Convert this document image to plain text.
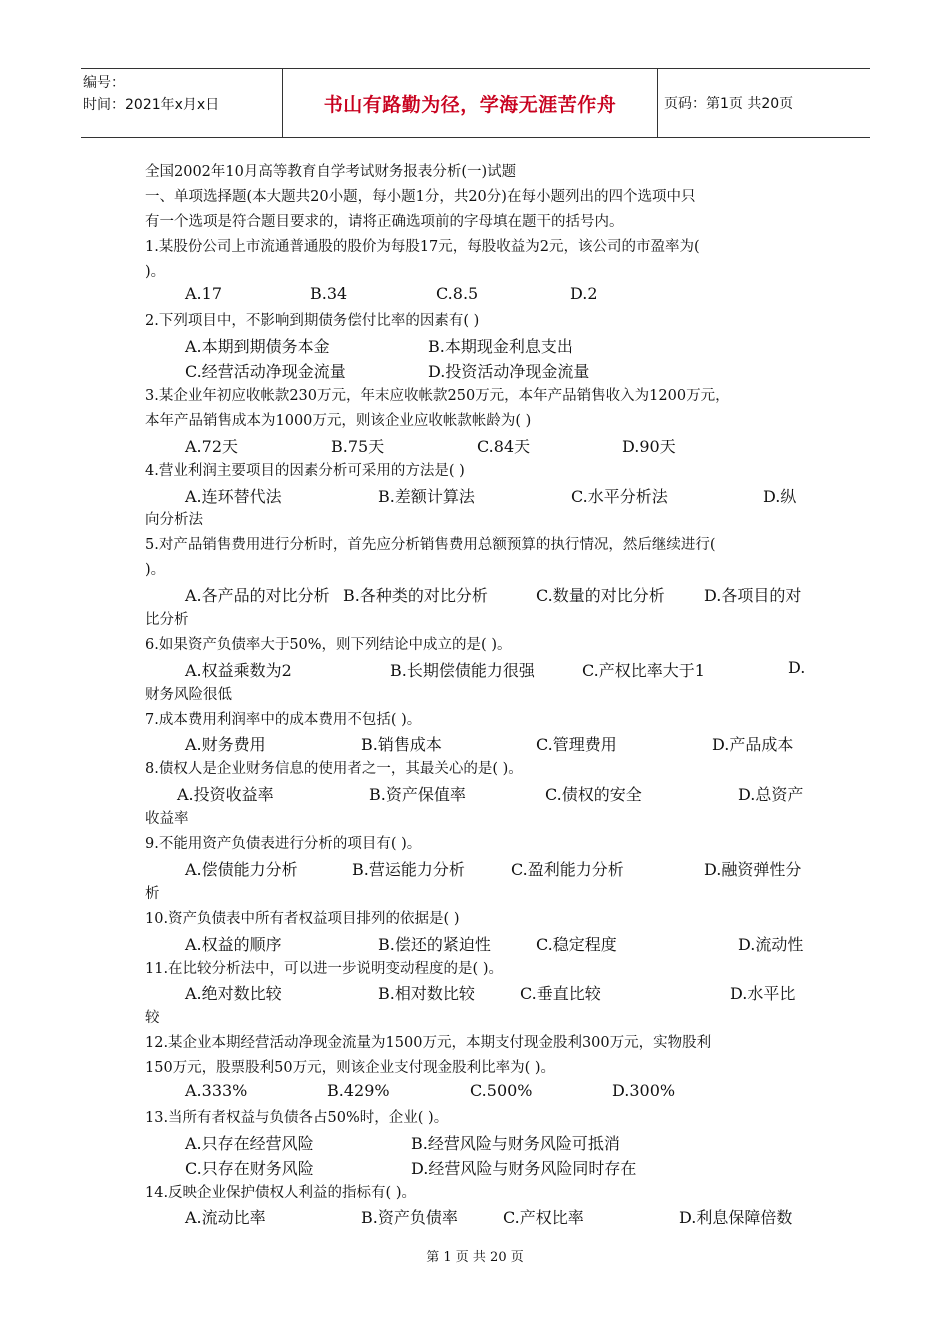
编号：
时间：2021年x月x日	书山有路勤为径，学海无涯苦作舟	页码：第1页 共20页
全国2002年10月高等教育自学考试财务报表分析(一)试题
一、单项选择题(本大题共20小题，每小题1分，共20分)在每小题列出的四个选项中只
有一个选项是符合题目要求的，请将正确选项前的字母填在题干的括号内。
1.某股份公司上市流通普通股的股价为每股17元，每股收益为2元，该公司的市盈率为(
)。
A.17	B.34	C.8.5	D.2
2.下列项目中，不影响到期债务偿付比率的因素有( )
A.本期到期债务本金	B.本期现金利息支出
C.经营活动净现金流量	D.投资活动净现金流量
3.某企业年初应收帐款230万元，年末应收帐款250万元，本年产品销售收入为1200万元，
本年产品销售成本为1000万元，则该企业应收帐款帐龄为( )
A.72天	B.75天	C.84天	D.90天
4.营业利润主要项目的因素分析可采用的方法是( )
A.连环替代法	B.差额计算法	C.水平分析法	D.纵
向分析法
5.对产品销售费用进行分析时，首先应分析销售费用总额预算的执行情况，然后继续进行(
)。
A.各产品的对比分析 B.各种类的对比分析	C.数量的对比分析 D.各项目的对
比分析
6.如果资产负债率大于50%，则下列结论中成立的是( )。
A.权益乘数为2	B.长期偿债能力很强	C.产权比率大于1	D.
财务风险很低
7.成本费用利润率中的成本费用不包括( )。
A.财务费用	B.销售成本	C.管理费用	D.产品成本
8.债权人是企业财务信息的使用者之一，其最关心的是( )。
A.投资收益率	B.资产保值率	C.债权的安全	D.总资产
收益率
9.不能用资产负债表进行分析的项目有( )。
A.偿债能力分析	B.营运能力分析	C.盈利能力分析	D.融资弹性分
析
10.资产负债表中所有者权益项目排列的依据是( )
A.权益的顺序	B.偿还的紧迫性	C.稳定程度	D.流动性
11.在比较分析法中，可以进一步说明变动程度的是( )。
A.绝对数比较	B.相对数比较	C.垂直比较	D.水平比
较
12.某企业本期经营活动净现金流量为1500万元，本期支付现金股利300万元，实物股利
150万元，股票股利50万元，则该企业支付现金股利比率为( )。
A.333%	B.429%	C.500%	D.300%
13.当所有者权益与负债各占50%时，企业( )。
A.只存在经营风险	B.经营风险与财务风险可抵消
C.只存在财务风险	D.经营风险与财务风险同时存在
14.反映企业保护债权人利益的指标有( )。
A.流动比率	B.资产负债率	C.产权比率	D.利息保障倍数
第 1 页 共 20 页
